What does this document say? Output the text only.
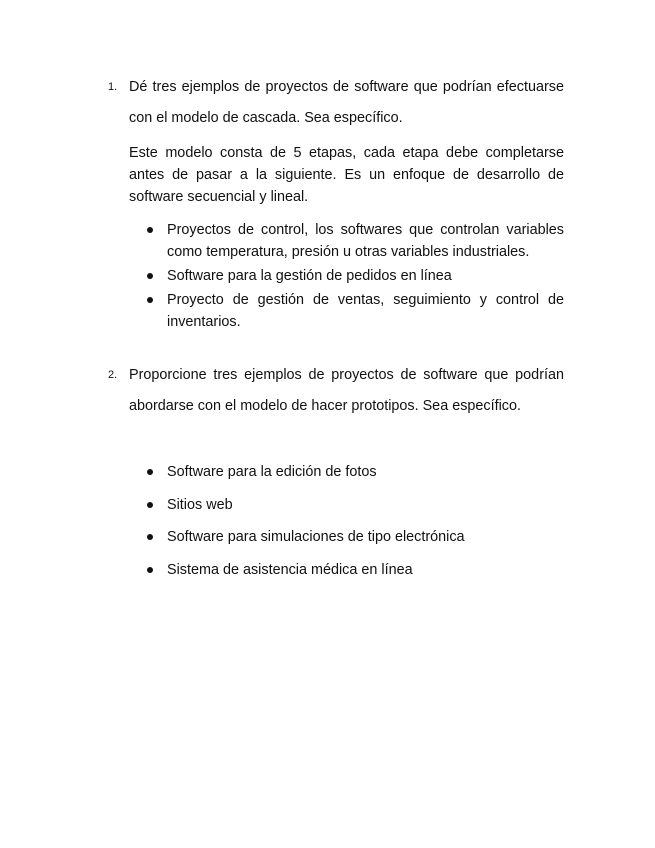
1. Dé tres ejemplos de proyectos de software que podrían efectuarse con el modelo de cascada. Sea específico.

Este modelo consta de 5 etapas, cada etapa debe completarse antes de pasar a la siguiente. Es un enfoque de desarrollo de software secuencial y lineal.

Proyectos de control, los softwares que controlan variables como temperatura, presión u otras variables industriales.
Software para la gestión de pedidos en línea
Proyecto de gestión de ventas, seguimiento y control de inventarios.
2. Proporcione tres ejemplos de proyectos de software que podrían abordarse con el modelo de hacer prototipos. Sea específico.
Software para la edición de fotos
Sitios web
Software para simulaciones de tipo electrónica
Sistema de asistencia médica en línea
